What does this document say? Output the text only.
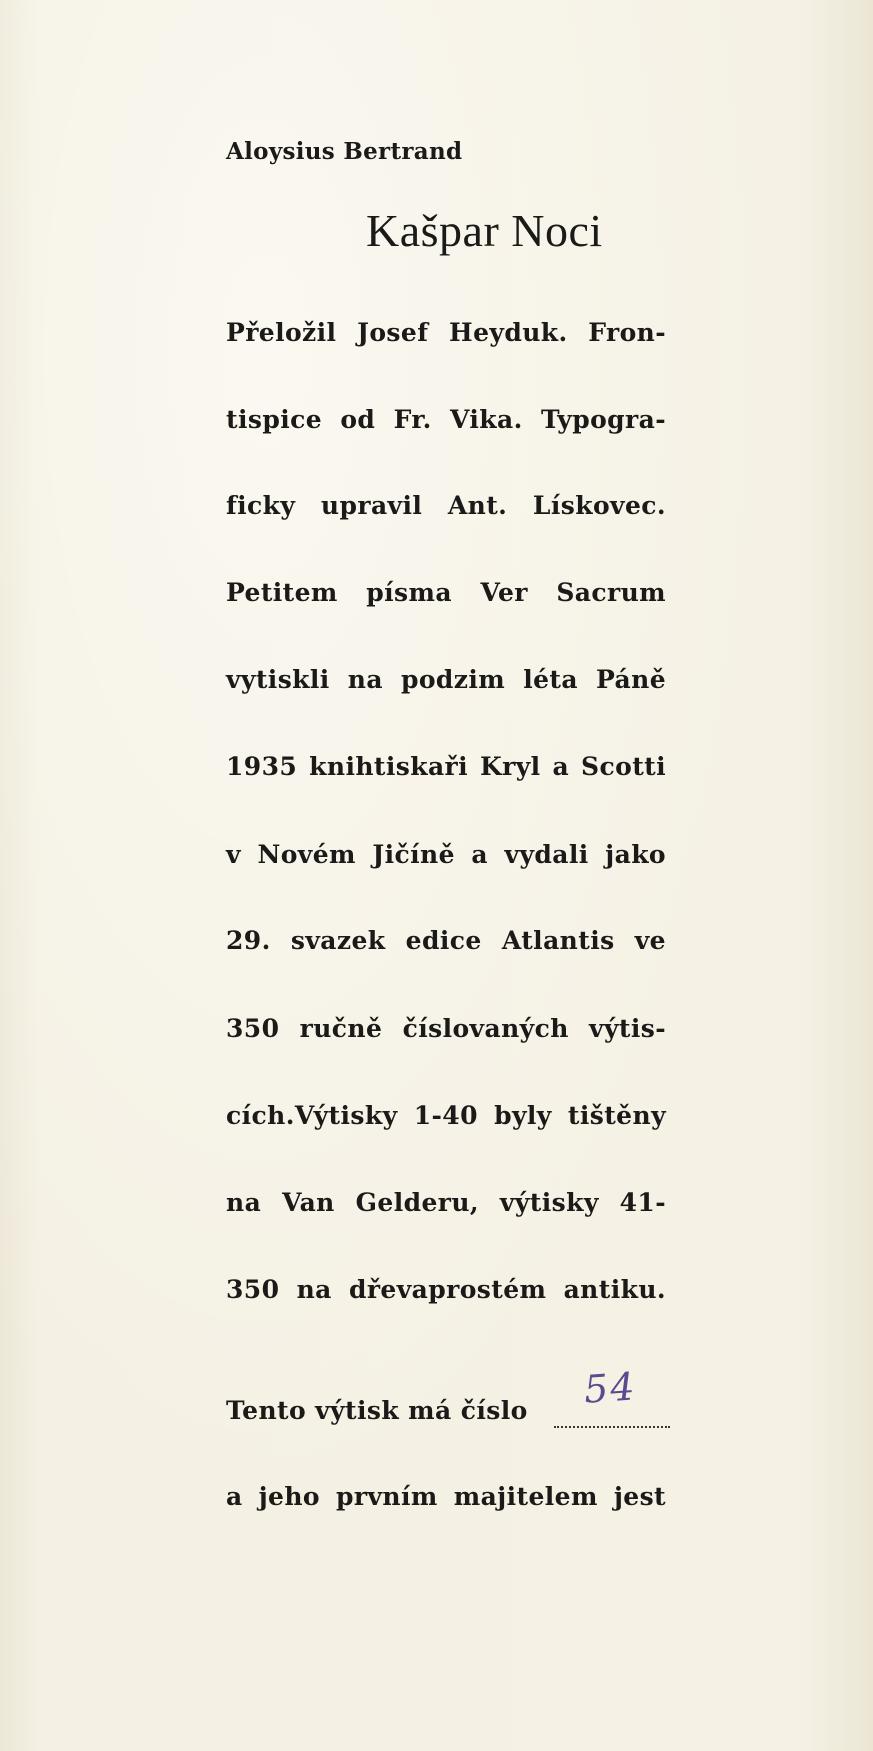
Aloysius Bertrand
Kašpar Noci
Přeložil Josef Heyduk. Fron-
tispice od Fr. Vika. Typogra-
ficky upravil Ant. Lískovec.
Petitem písma Ver Sacrum
vytiskli na podzim léta Páně
1935 knihtiskaři Kryl a Scotti
v Novém Jičíně a vydali jako
29. svazek edice Atlantis ve
350 ručně číslovaných výtis-
cích.Výtisky 1-40 byly tištěny
na Van Gelderu, výtisky 41-
350 na dřevaprostém antiku.
Tento výtisk má číslo 54
a jeho prvním majitelem jest
